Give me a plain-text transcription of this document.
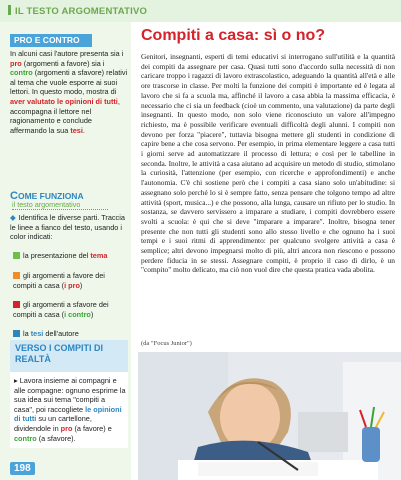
IL TESTO ARGOMENTATIVO
PRO E CONTRO
In alcuni casi l'autore presenta sia i pro (argomenti a favore) sia i contro (argomenti a sfavore) relativi al tema che vuole esporre ai suoi lettori. In questo modo, mostra di aver valutato le opinioni di tutti, accompagna il lettore nel ragionamento e conclude affermando la sua tesi.
COME FUNZIONA
il testo argomentativo
◆ Identifica le diverse parti. Traccia le linee a fianco del testo, usando i color indicati:
la presentazione del tema
gli argomenti a favore dei compiti a casa (i pro)
gli argomenti a sfavore dei compiti a casa (i contro)
la tesi dell'autore
VERSO I COMPITI DI REALTÀ
▸ Lavora insieme ai compagni e alle compagne: ognuno esprime la sua idea sui tema "compiti a casa", poi raccogliete le opinioni di tutti su un cartellone, dividendole in pro (a favore) e contro (a sfavore).
198
Compiti a casa: sì o no?

Genitori, insegnanti, esperti di temi educativi si interrogano sull'utilità e la quantità dei compiti da assegnare per casa. Quasi tutti sono d'accordo sulla necessità di non caricare troppo i ragazzi di lavoro extrascolastico, adeguando la quantità all'età e alle ore trascorse in classe. Per molti la funzione dei compiti è importante ed è legata al lavoro che si fa a scuola ma, affinché il lavoro a casa abbia la massima efficacia, è necessario che ci sia un feedback (cioè un commento, una valutazione) da parte degli insegnanti. In questo modo, non solo viene riconosciuto un valore all'impegno richiesto, ma è possibile verificare eventuali difficoltà degli alunni. I compiti non devono per forza "piacere", tuttavia bisogna mettere gli studenti in condizione di capire bene a che cosa servono. Per esempio, in prima elementare leggere a casa tutti i giorni serve ad automatizzare il processo di lettura; e così per le tabelline in seconda. Inoltre, le attività a casa aiutano ad acquisire un metodo di studio, stimolano la curiosità, l'attenzione (per esempio, con ricerche e approfondimenti) e anche l'autonomia. C'è chi sostiene però che i compiti a casa siano solo un'abitudine: si assegnano solo perché lo si è sempre fatto, senza pensare che tolgono tempo ad altre attività (sport, musica...) e che possono, alla lunga, causare un rifiuto per lo studio. In sostanza, se davvero servissero a imparare a studiare, i compiti dovrebbero essere svolti a scuola: è qui che si deve "imparare a imparare". Inoltre, bisogna tener presente che non tutti gli studenti sono allo stesso livello e che ognuno ha i suoi tempi e i suoi ritmi di apprendimento: per qualcuno svolgere attività a casa è semplice; altri devono impegnarsi molto di più, altri ancora non riescono e possono perdere fiducia in se stessi. Assegnare compiti, è proprio il caso di dirlo, è un "compito" molto delicato, ma ciò non vuol dire che questa pratica vada abolita.

(da "Focus Junior")
